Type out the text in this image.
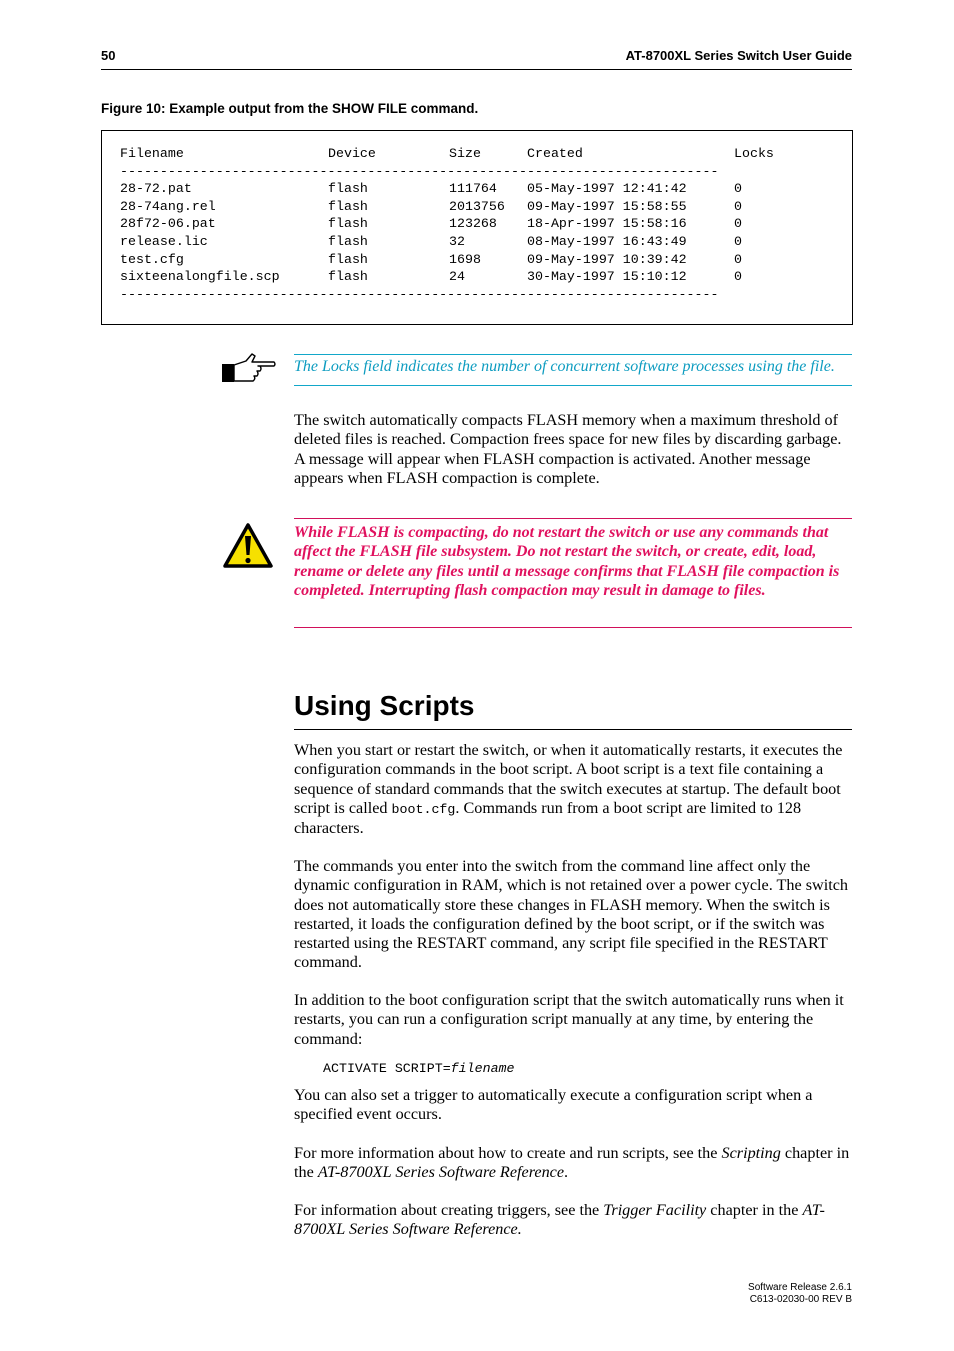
50	AT-8700XL Series Switch User Guide
Figure 10: Example output from the SHOW FILE command.
Filename	Device	Size	Created	Locks
---------------------------------------------------------------------------
28-72.pat	flash	111764 05-May-1997 12:41:42	0
28-74ang.rel	flash	2013756 09-May-1997 15:58:55	0
28f72-06.pat	flash	123268 18-Apr-1997 15:58:16	0
release.lic	flash	32	08-May-1997 16:43:49	0
test.cfg	flash	1698	09-May-1997 10:39:42	0
sixteenalongfile.scp	flash	24	30-May-1997 15:10:12	0
---------------------------------------------------------------------------
The Locks field indicates the number of concurrent software processes using the file.

The switch automatically compacts FLASH memory when a maximum threshold of deleted files is reached. Compaction frees space for new files by discarding garbage. A message will appear when FLASH compaction is activated. Another message appears when FLASH compaction is complete.

While FLASH is compacting, do not restart the switch or use any commands that affect the FLASH file subsystem. Do not restart the switch, or create, edit, load, rename or delete any files until a message confirms that FLASH file compaction is completed. Interrupting flash compaction may result in damage to files.

Using Scripts

When you start or restart the switch, or when it automatically restarts, it executes the configuration commands in the boot script. A boot script is a text file containing a sequence of standard commands that the switch executes at startup. The default boot script is called boot.cfg. Commands run from a boot script are limited to 128 characters.

The commands you enter into the switch from the command line affect only the dynamic configuration in RAM, which is not retained over a power cycle. The switch does not automatically store these changes in FLASH memory. When the switch is restarted, it loads the configuration defined by the boot script, or if the switch was restarted using the RESTART command, any script file specified in the RESTART command.

In addition to the boot configuration script that the switch automatically runs when it restarts, you can run a configuration script manually at any time, by entering the command:

ACTIVATE SCRIPT=filename

You can also set a trigger to automatically execute a configuration script when a specified event occurs.

For more information about how to create and run scripts, see the Scripting chapter in the AT-8700XL Series Software Reference.

For information about creating triggers, see the Trigger Facility chapter in the AT-8700XL Series Software Reference.

Software Release 2.6.1
C613-02030-00 REV B
